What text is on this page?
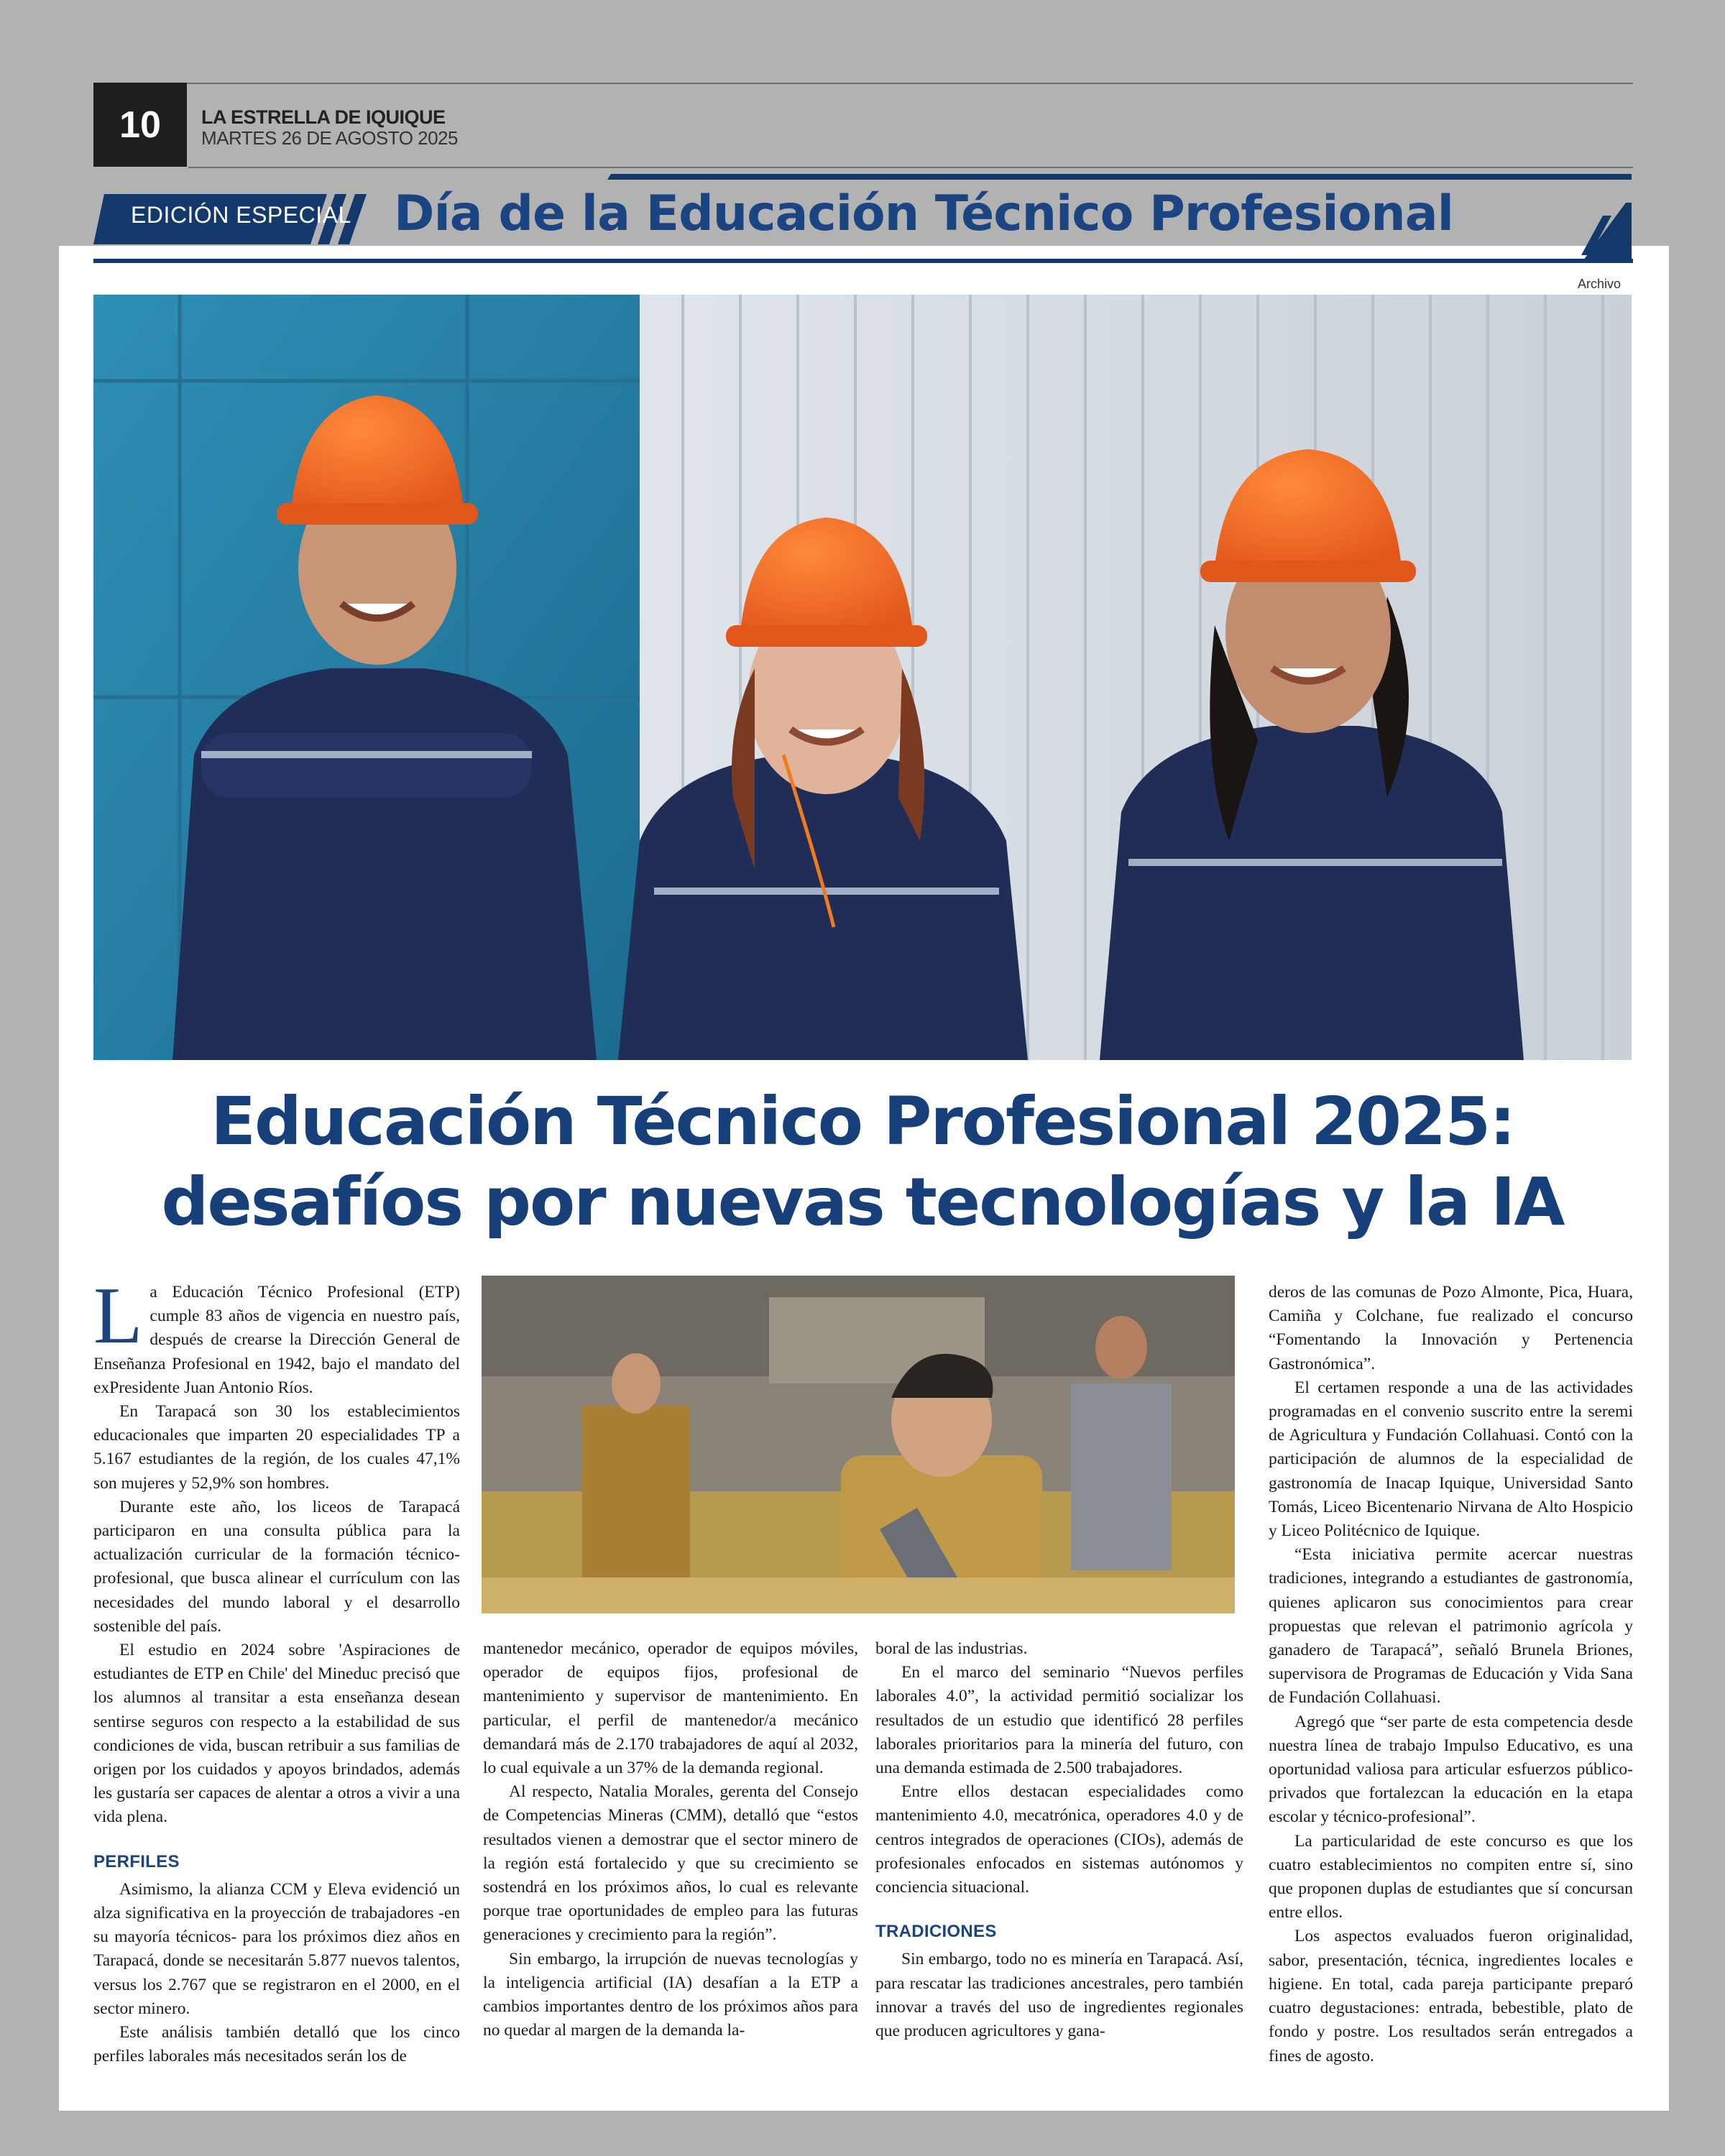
10	LA ESTRELLA DE IQUIQUE
MARTES 26 DE AGOSTO 2025
EDICIÓN ESPECIAL Día de la Educación Técnico Profesional
Archivo
Educación Técnico Profesional 2025:
desafíos por nuevas tecnologías y la IA
L a Educación Técnico Profesional (ETP) cumple 83 años de vigencia en nuestro país, después de crearse la Dirección General de Enseñanza Profesional en 1942, bajo el mandato del exPresidente Juan Antonio Ríos.

En Tarapacá son 30 los establecimientos educacionales que imparten 20 especialidades TP a 5.167 estudiantes de la región, de los cuales 47,1% son mujeres y 52,9% son hombres.

Durante este año, los liceos de Tarapacá participaron en una consulta pública para la actualización curricular de la formación técnico-profesional, que busca alinear el currículum con las necesidades del mundo laboral y el desarrollo sostenible del país.

El estudio en 2024 sobre 'Aspiraciones de estudiantes de ETP en Chile' del Mineduc precisó que los alumnos al transitar a esta enseñanza desean sentirse seguros con respecto a la estabilidad de sus condiciones de vida, buscan retribuir a sus familias de origen por los cuidados y apoyos brindados, además les gustaría ser capaces de alentar a otros a vivir a una vida plena.

PERFILES

Asimismo, la alianza CCM y Eleva evidenció un alza significativa en la proyección de trabajadores -en su mayoría técnicos- para los próximos diez años en Tarapacá, donde se necesitarán 5.877 nuevos talentos, versus los 2.767 que se registraron en el 2000, en el sector minero.

Este análisis también detalló que los cinco perfiles laborales más necesitados serán los de

mantenedor mecánico, operador de equipos móviles, operador de equipos fijos, profesional de mantenimiento y supervisor de mantenimiento. En particular, el perfil de mantenedor/a mecánico demandará más de 2.170 trabajadores de aquí al 2032, lo cual equivale a un 37% de la demanda regional.

Al respecto, Natalia Morales, gerenta del Consejo de Competencias Mineras (CMM), detalló que “estos resultados vienen a demostrar que el sector minero de la región está fortalecido y que su crecimiento se sostendrá en los próximos años, lo cual es relevante porque trae oportunidades de empleo para las futuras generaciones y crecimiento para la región”.

Sin embargo, la irrupción de nuevas tecnologías y la inteligencia artificial (IA) desafían a la ETP a cambios importantes dentro de los próximos años para no quedar al margen de la demanda la-

boral de las industrias.

En el marco del seminario “Nuevos perfiles laborales 4.0”, la actividad permitió socializar los resultados de un estudio que identificó 28 perfiles laborales prioritarios para la minería del futuro, con una demanda estimada de 2.500 trabajadores.

Entre ellos destacan especialidades como mantenimiento 4.0, mecatrónica, operadores 4.0 y de centros integrados de operaciones (CIOs), además de profesionales enfocados en sistemas autónomos y conciencia situacional.

TRADICIONES

Sin embargo, todo no es minería en Tarapacá. Así, para rescatar las tradiciones ancestrales, pero también innovar a través del uso de ingredientes regionales que producen agricultores y gana-

deros de las comunas de Pozo Almonte, Pica, Huara, Camiña y Colchane, fue realizado el concurso “Fomentando la Innovación y Pertenencia Gastronómica”.

El certamen responde a una de las actividades programadas en el convenio suscrito entre la seremi de Agricultura y Fundación Collahuasi. Contó con la participación de alumnos de la especialidad de gastronomía de Inacap Iquique, Universidad Santo Tomás, Liceo Bicentenario Nirvana de Alto Hospicio y Liceo Politécnico de Iquique.

“Esta iniciativa permite acercar nuestras tradiciones, integrando a estudiantes de gastronomía, quienes aplicaron sus conocimientos para crear propuestas que relevan el patrimonio agrícola y ganadero de Tarapacá”, señaló Brunela Briones, supervisora de Programas de Educación y Vida Sana de Fundación Collahuasi.

Agregó que “ser parte de esta competencia desde nuestra línea de trabajo Impulso Educativo, es una oportunidad valiosa para articular esfuerzos público-privados que fortalezcan la educación en la etapa escolar y técnico-profesional”.

La particularidad de este concurso es que los cuatro establecimientos no compiten entre sí, sino que proponen duplas de estudiantes que sí concursan entre ellos.

Los aspectos evaluados fueron originalidad, sabor, presentación, técnica, ingredientes locales e higiene. En total, cada pareja participante preparó cuatro degustaciones: entrada, bebestible, plato de fondo y postre. Los resultados serán entregados a fines de agosto.
